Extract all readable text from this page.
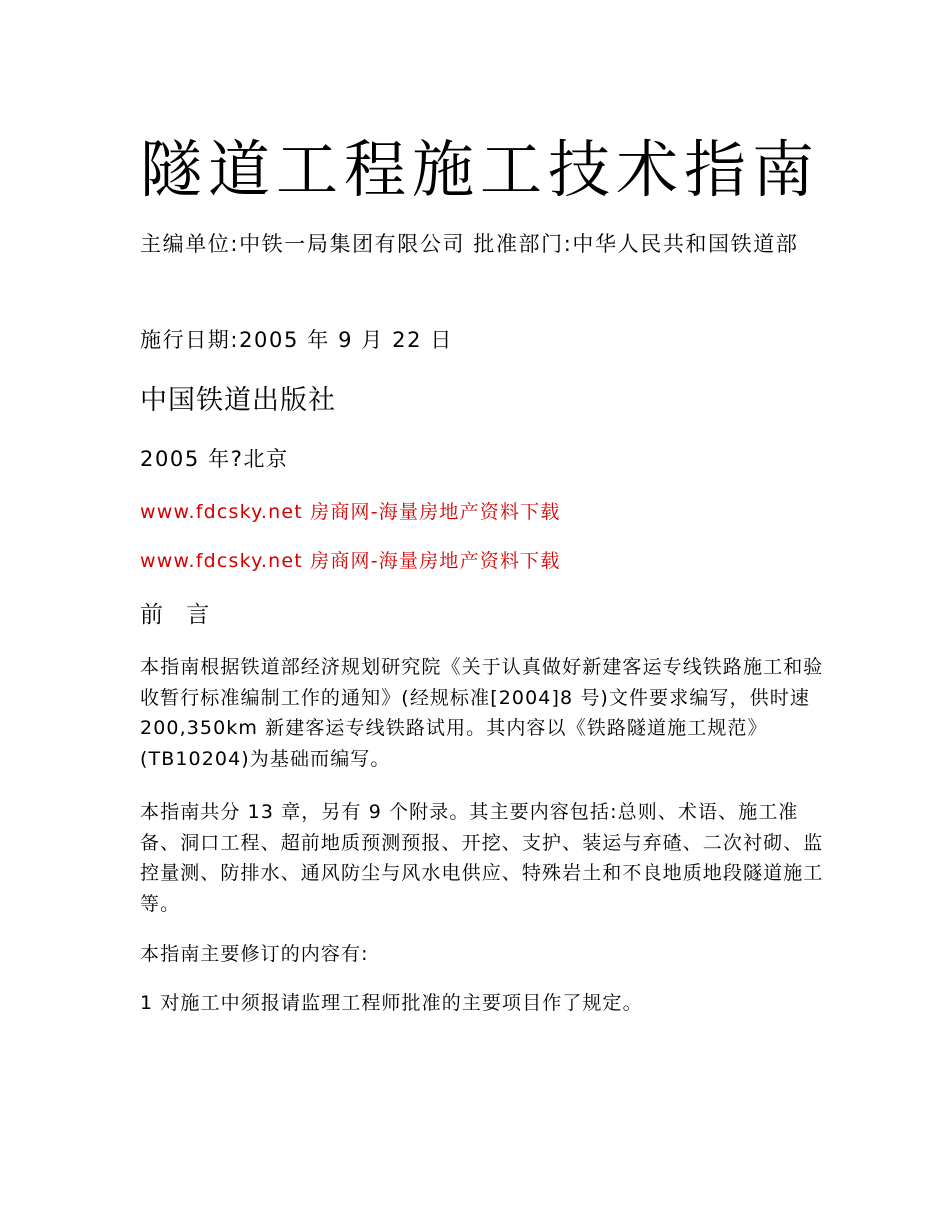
隧道工程施工技术指南
主编单位:中铁一局集团有限公司 批准部门:中华人民共和国铁道部
施行日期:2005 年 9 月 22 日
中国铁道出版社
2005 年?北京
www.fdcsky.net 房商网-海量房地产资料下载
www.fdcsky.net 房商网-海量房地产资料下载
前 言

本指南根据铁道部经济规划研究院《关于认真做好新建客运专线铁路施工和验收暂行标准编制工作的通知》(经规标准[2004]8 号)文件要求编写，供时速 200,350km 新建客运专线铁路试用。其内容以《铁路隧道施工规范》(TB10204)为基础而编写。

本指南共分 13 章，另有 9 个附录。其主要内容包括:总则、术语、施工准备、洞口工程、超前地质预测预报、开挖、支护、装运与弃碴、二次衬砌、监控量测、防排水、通风防尘与风水电供应、特殊岩土和不良地质地段隧道施工等。

本指南主要修订的内容有:

1 对施工中须报请监理工程师批准的主要项目作了规定。
